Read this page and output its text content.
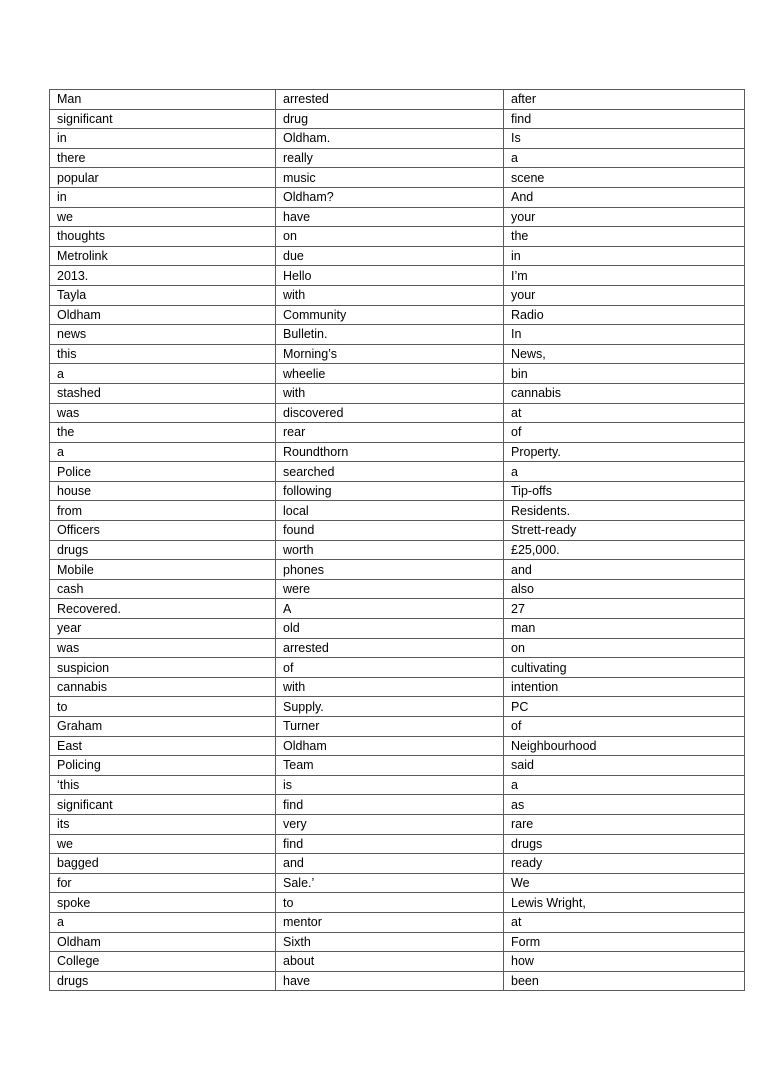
Man	arrested	after
significant	drug	find
in	Oldham.	Is
there	really	a
popular	music	scene
in	Oldham?	And
we	have	your
thoughts	on	the
Metrolink	due	in
2013.	Hello	I’m
Tayla	with	your
Oldham	Community	Radio
news	Bulletin.	In
this	Morning’s	News,
a	wheelie	bin
stashed	with	cannabis
was	discovered	at
the	rear	of
a	Roundthorn	Property.
Police	searched	a
house	following	Tip-offs
from	local	Residents.
Officers	found	Strett-ready
drugs	worth	£25,000.
Mobile	phones	and
cash	were	also
Recovered.	A	27
year	old	man
was	arrested	on
suspicion	of	cultivating
cannabis	with	intention
to	Supply.	PC
Graham	Turner	of
East	Oldham	Neighbourhood
Policing	Team	said
‘this	is	a
significant	find	as
its	very	rare
we	find	drugs
bagged	and	ready
for	Sale.’	We
spoke	to	Lewis Wright,
a	mentor	at
Oldham	Sixth	Form
College	about	how
drugs	have	been
